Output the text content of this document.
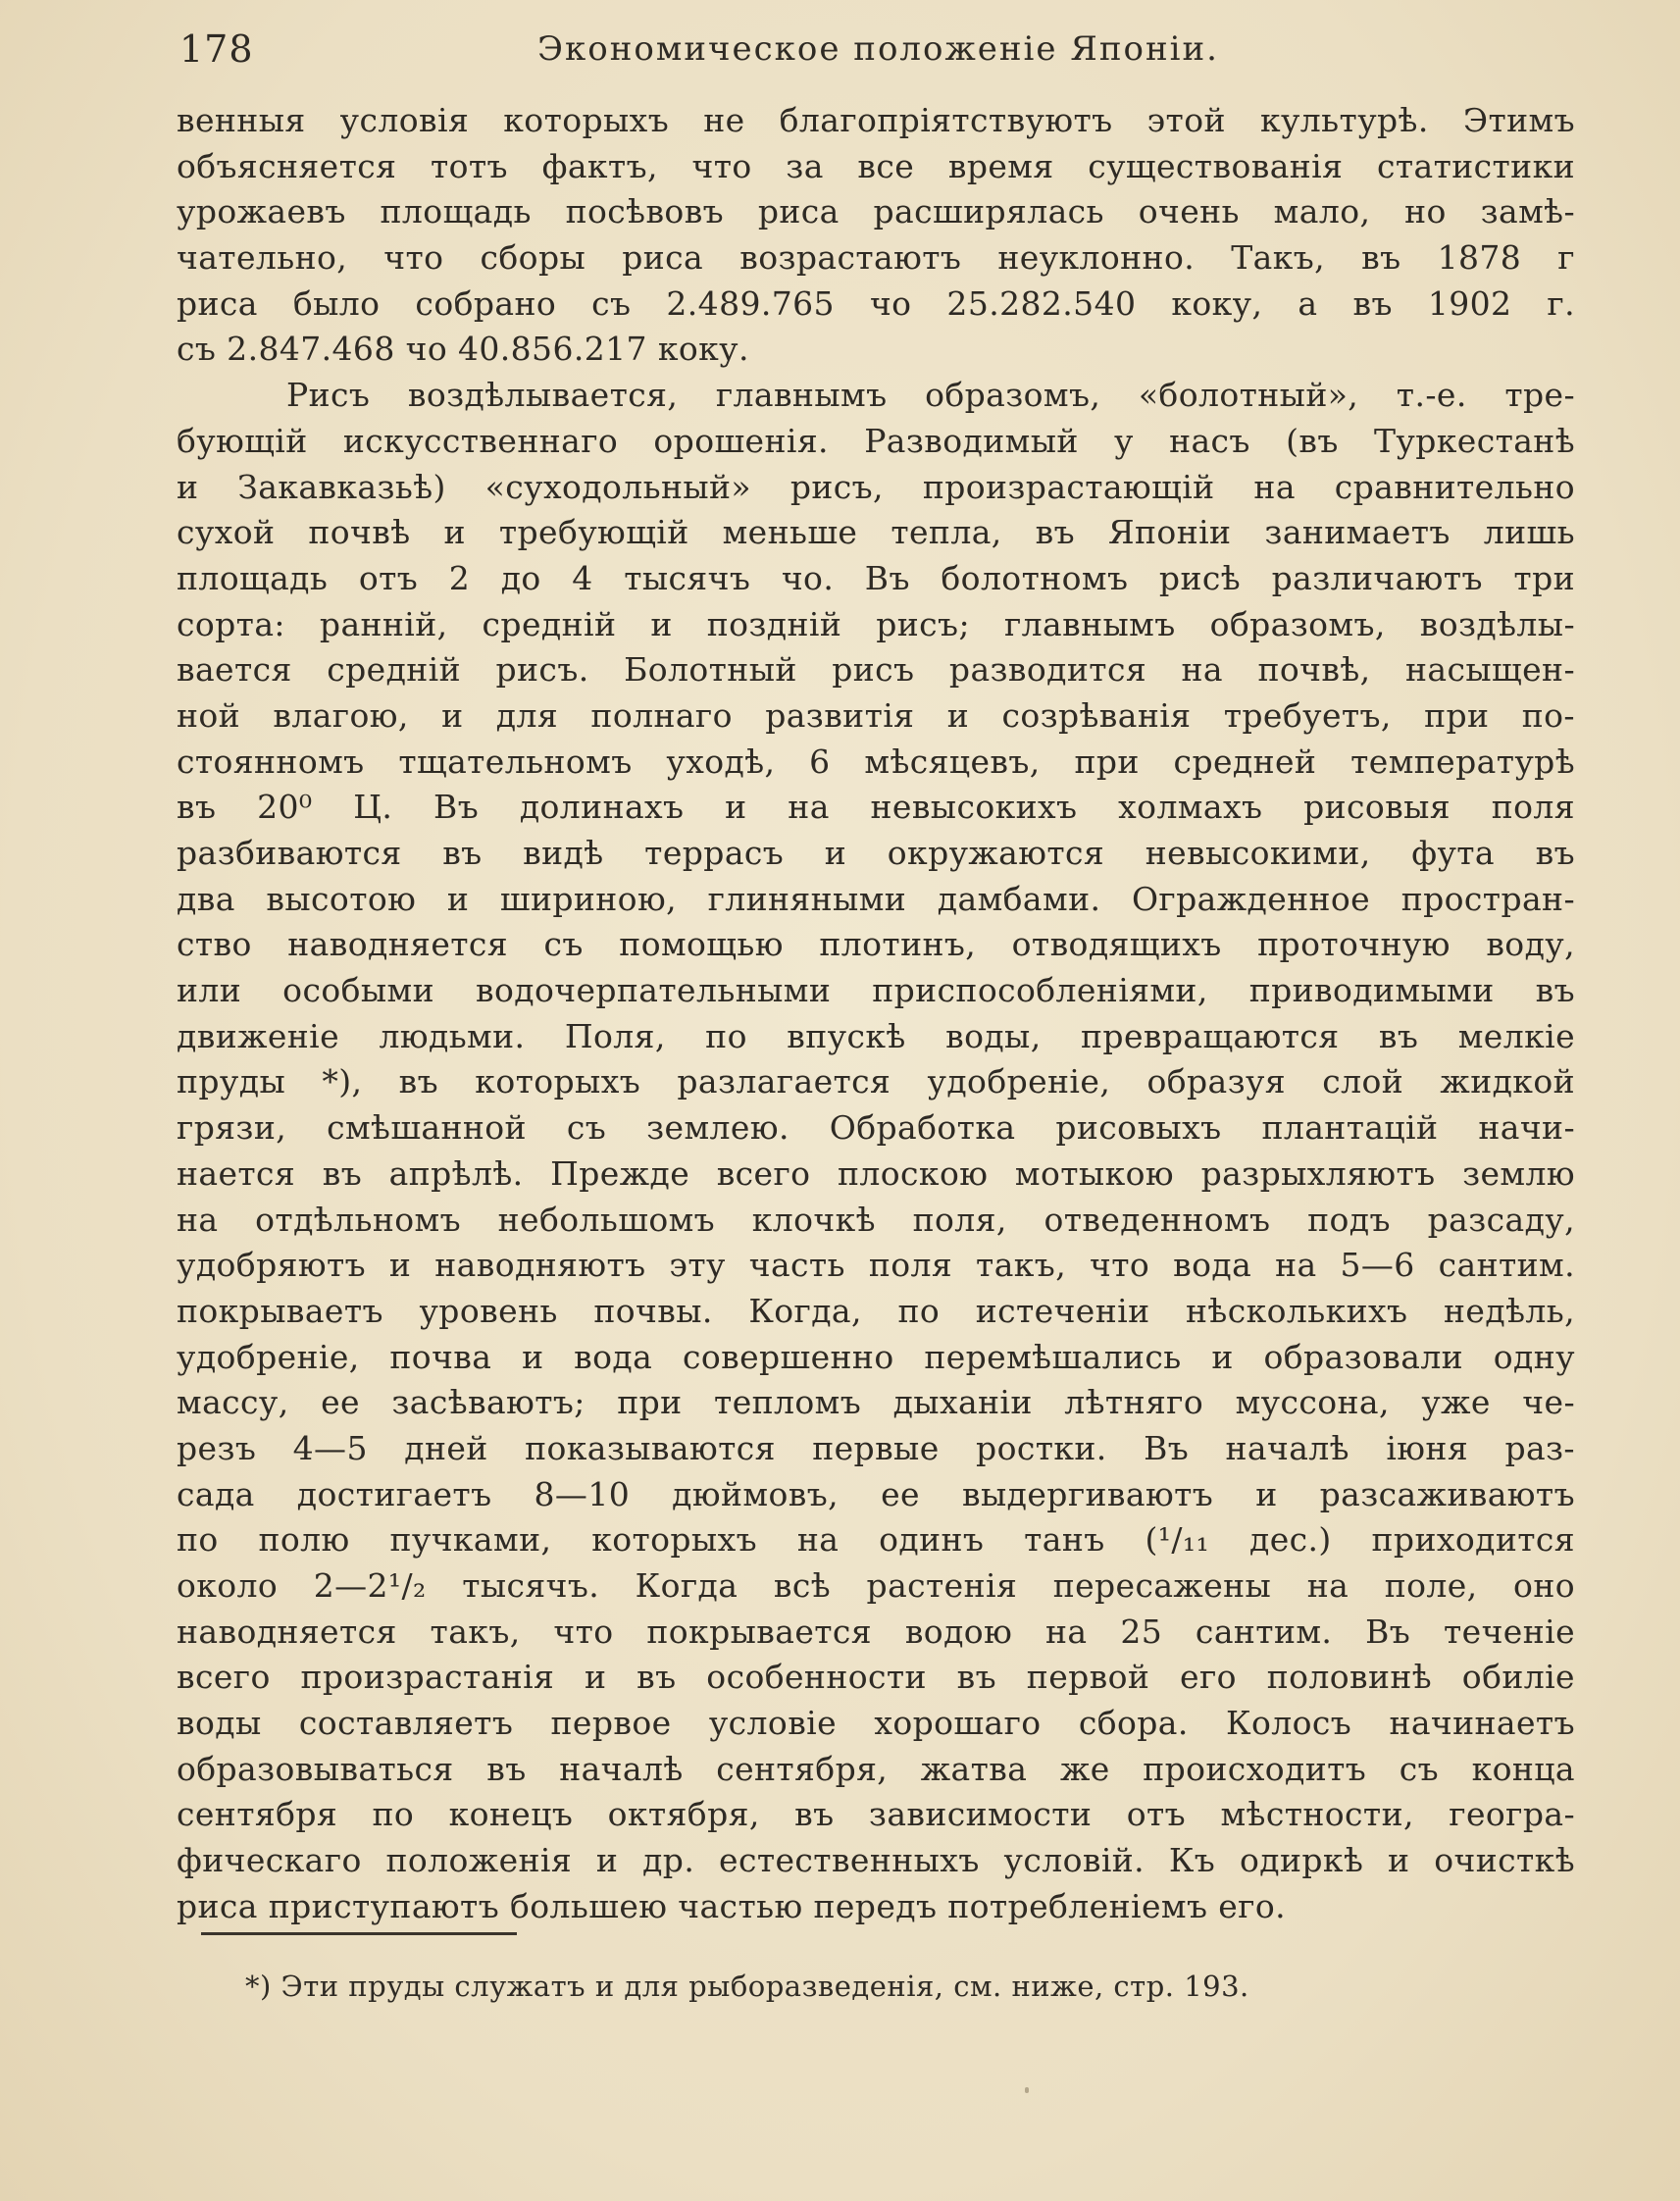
178	Экономическое положеніе Японіи.
венныя условія которыхъ не благопріятствуютъ этой культурѣ. Этимъ
объясняется тотъ фактъ, что за все время существованія статистики
урожаевъ площадь посѣвовъ риса расширялась очень мало, но замѣ-
чательно, что сборы риса возрастаютъ неуклонно. Такъ, въ 1878 г
риса было собрано съ 2.489.765 чо 25.282.540 коку, а въ 1902 г.
съ 2.847.468 чо 40.856.217 коку.
Рисъ воздѣлывается, главнымъ образомъ, «болотный», т.-е. тре-
бующій искусственнаго орошенія. Разводимый у насъ (въ Туркестанѣ
и Закавказьѣ) «суходольный» рисъ, произрастающій на сравнительно
сухой почвѣ и требующій меньше тепла, въ Японіи занимаетъ лишь
площадь отъ 2 до 4 тысячъ чо. Въ болотномъ рисѣ различаютъ три
сорта: ранній, средній и поздній рисъ; главнымъ образомъ, воздѣлы-
вается средній рисъ. Болотный рисъ разводится на почвѣ, насыщен-
ной влагою, и для полнаго развитія и созрѣванія требуетъ, при по-
стоянномъ тщательномъ уходѣ, 6 мѣсяцевъ, при средней температурѣ
въ 20⁰ Ц. Въ долинахъ и на невысокихъ холмахъ рисовыя поля
разбиваются въ видѣ террасъ и окружаются невысокими, фута въ
два высотою и шириною, глиняными дамбами. Огражденное простран-
ство наводняется съ помощью плотинъ, отводящихъ проточную воду,
или особыми водочерпательными приспособленіями, приводимыми въ
движеніе людьми. Поля, по впускѣ воды, превращаются въ мелкіе
пруды *), въ которыхъ разлагается удобреніе, образуя слой жидкой
грязи, смѣшанной съ землею. Обработка рисовыхъ плантацій начи-
нается въ апрѣлѣ. Прежде всего плоскою мотыкою разрыхляютъ землю
на отдѣльномъ небольшомъ клочкѣ поля, отведенномъ подъ разсаду,
удобряютъ и наводняютъ эту часть поля такъ, что вода на 5—6 сантим.
покрываетъ уровень почвы. Когда, по истеченіи нѣсколькихъ недѣль,
удобреніе, почва и вода совершенно перемѣшались и образовали одну
массу, ее засѣваютъ; при тепломъ дыханіи лѣтняго муссона, уже че-
резъ 4—5 дней показываются первые ростки. Въ началѣ іюня раз-
сада достигаетъ 8—10 дюймовъ, ее выдергиваютъ и разсаживаютъ
по полю пучками, которыхъ на одинъ танъ (¹/₁₁ дес.) приходится
около 2—2¹/₂ тысячъ. Когда всѣ растенія пересажены на поле, оно
наводняется такъ, что покрывается водою на 25 сантим. Въ теченіе
всего произрастанія и въ особенности въ первой его половинѣ обиліе
воды составляетъ первое условіе хорошаго сбора. Колосъ начинаетъ
образовываться въ началѣ сентября, жатва же происходитъ съ конца
сентября по конецъ октября, въ зависимости отъ мѣстности, геогра-
фическаго положенія и др. естественныхъ условій. Къ одиркѣ и очисткѣ
риса приступаютъ большею частью передъ потребленіемъ его.
*) Эти пруды служатъ и для рыборазведенія, см. ниже, стр. 193.
